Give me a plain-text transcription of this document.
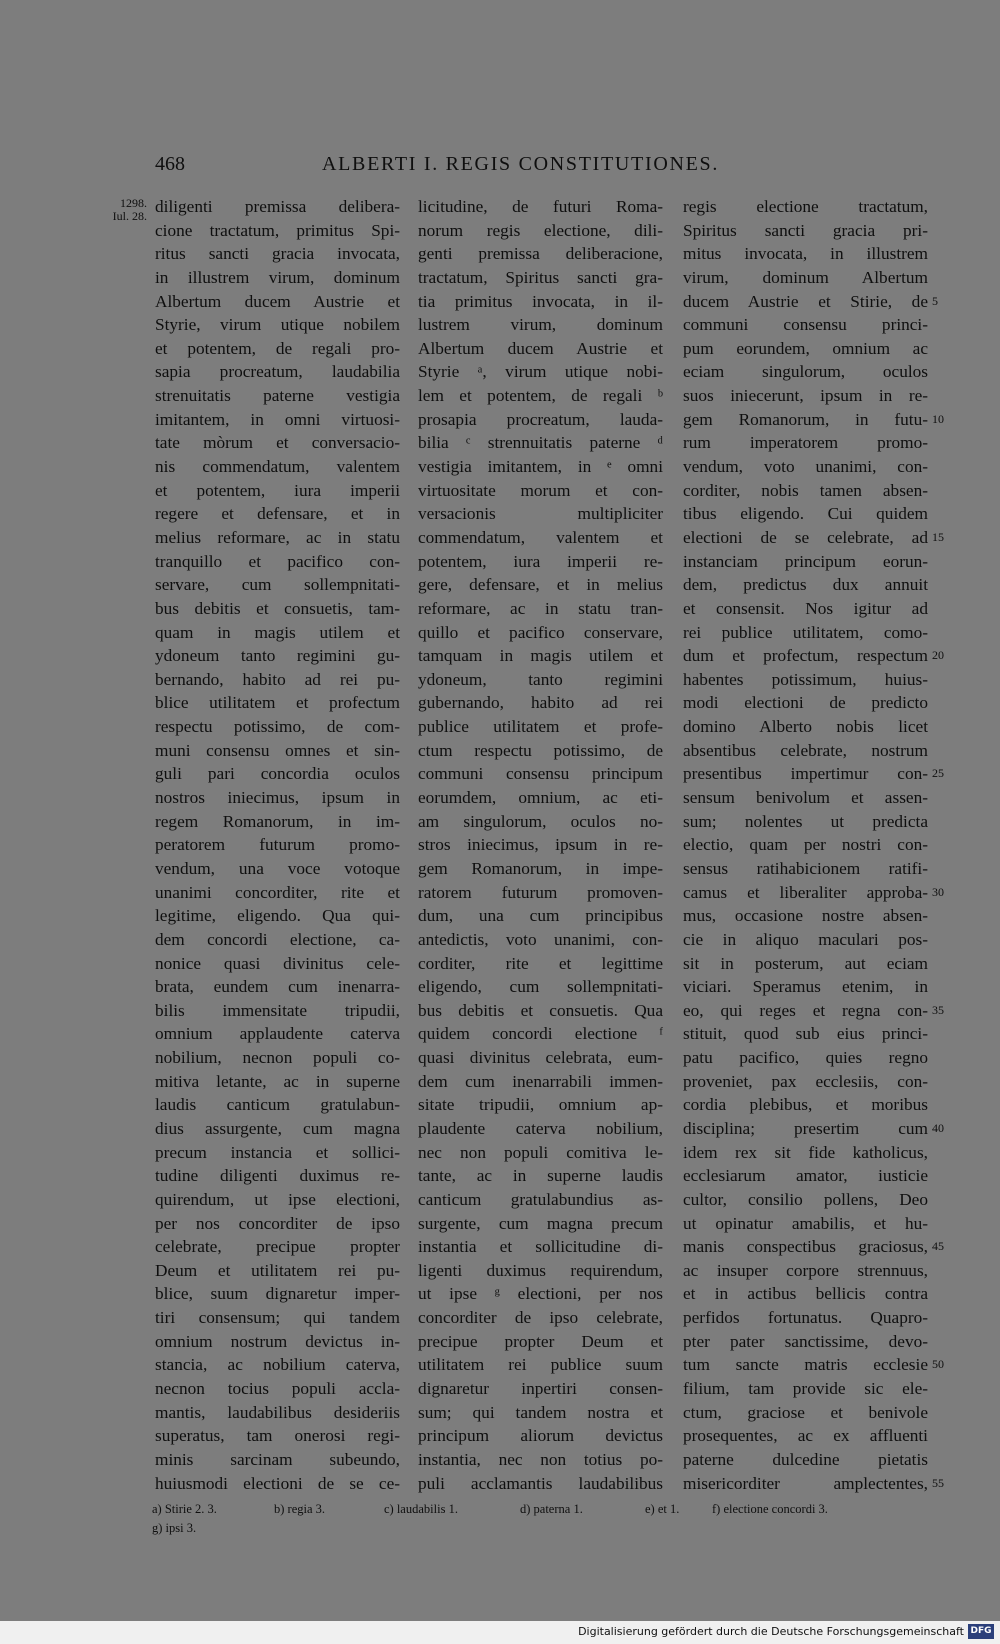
468	ALBERTI I. REGIS CONSTITUTIONES.
1298.
Iul. 28. diligenti premissa delibera-
cione tractatum, primitus Spi-
ritus sancti gracia invocata,
in illustrem virum, dominum
Albertum ducem Austrie et
Styrie, virum utique nobilem
et potentem, de regali pro-
sapia procreatum, laudabilia
strenuitatis paterne vestigia
imitantem, in omni virtuosi-
tate mòrum et conversacio-
nis commendatum, valentem
et potentem, iura imperii
regere et defensare, et in
melius reformare, ac in statu
tranquillo et pacifico con-
servare, cum sollempnitati-
bus debitis et consuetis, tam-
quam in magis utilem et
ydoneum tanto regimini gu-
bernando, habito ad rei pu-
blice utilitatem et profectum
respectu potissimo, de com-
muni consensu omnes et sin-
guli pari concordia oculos
nostros iniecimus, ipsum in
regem Romanorum, in im-
peratorem futurum promo-
vendum, una voce votoque
unanimi concorditer, rite et
legitime, eligendo. Qua qui-
dem concordi electione, ca-
nonice quasi divinitus cele-
brata, eundem cum inenarra-
bilis immensitate tripudii,
omnium applaudente caterva
nobilium, necnon populi co-
mitiva letante, ac in superne
laudis canticum gratulabun-
dius assurgente, cum magna
precum instancia et sollici-
tudine diligenti duximus re-
quirendum, ut ipse electioni,
per nos concorditer de ipso
celebrate, precipue propter
Deum et utilitatem rei pu-
blice, suum dignaretur imper-
tiri consensum; qui tandem
omnium nostrum devictus in-
stancia, ac nobilium caterva,
necnon tocius populi accla-
mantis, laudabilibus desideriis
superatus, tam onerosi regi-
minis sarcinam subeundo,
huiusmodi electioni de se ce-
licitudine, de futuri Roma-
norum regis electione, dili-
genti premissa deliberacione,
tractatum, Spiritus sancti gra-
tia primitus invocata, in il-
lustrem virum, dominum
Albertum ducem Austrie et
Styrie ᵃ, virum utique nobi-
lem et potentem, de regali ᵇ
prosapia procreatum, lauda-
bilia ᶜ strennuitatis paterne ᵈ
vestigia imitantem, in ᵉ omni
virtuositate morum et con-
versacionis multipliciter
commendatum, valentem et
potentem, iura imperii re-
gere, defensare, et in melius
reformare, ac in statu tran-
quillo et pacifico conservare,
tamquam in magis utilem et
ydoneum, tanto regimini
gubernando, habito ad rei
publice utilitatem et profe-
ctum respectu potissimo, de
communi consensu principum
eorumdem, omnium, ac eti-
am singulorum, oculos no-
stros iniecimus, ipsum in re-
gem Romanorum, in impe-
ratorem futurum promoven-
dum, una cum principibus
antedictis, voto unanimi, con-
corditer, rite et legittime
eligendo, cum sollempnitati-
bus debitis et consuetis. Qua
quidem concordi electione ᶠ
quasi divinitus celebrata, eum-
dem cum inenarrabili immen-
sitate tripudii, omnium ap-
plaudente caterva nobilium,
nec non populi comitiva le-
tante, ac in superne laudis
canticum gratulabundius as-
surgente, cum magna precum
instantia et sollicitudine di-
ligenti duximus requirendum,
ut ipse ᵍ electioni, per nos
concorditer de ipso celebrate,
precipue propter Deum et
utilitatem rei publice suum
dignaretur inpertiri consen-
sum; qui tandem nostra et
principum aliorum devictus
instantia, nec non totius po-
puli acclamantis laudabilibus
regis electione tractatum,
Spiritus sancti gracia pri-
mitus invocata, in illustrem
virum, dominum Albertum
ducem Austrie et Stirie, de
communi consensu princi-
pum eorundem, omnium ac
eciam singulorum, oculos
suos iniecerunt, ipsum in re-
gem Romanorum, in futu-
rum imperatorem promo-
vendum, voto unanimi, con-
corditer, nobis tamen absen-
tibus eligendo. Cui quidem
electioni de se celebrate, ad
instanciam principum eorun-
dem, predictus dux annuit
et consensit. Nos igitur ad
rei publice utilitatem, como-
dum et profectum, respectum
habentes potissimum, huius-
modi electioni de predicto
domino Alberto nobis licet
absentibus celebrate, nostrum
presentibus impertimur con-
sensum benivolum et assen-
sum; nolentes ut predicta
electio, quam per nostri con-
sensus ratihabicionem ratifi-
camus et liberaliter approba-
mus, occasione nostre absen-
cie in aliquo maculari pos-
sit in posterum, aut eciam
viciari. Speramus etenim, in
eo, qui reges et regna con-
stituit, quod sub eius princi-
patu pacifico, quies regno
proveniet, pax ecclesiis, con-
cordia plebibus, et moribus
disciplina; presertim cum
idem rex sit fide katholicus,
ecclesiarum amator, iusticie
cultor, consilio pollens, Deo
ut opinatur amabilis, et hu-
manis conspectibus graciosus,
ac insuper corpore strennuus,
et in actibus bellicis contra
perfidos fortunatus. Quapro-
pter pater sanctissime, devo-
tum sancte matris ecclesie
filium, tam provide sic ele-
ctum, graciose et benivole
prosequentes, ac ex affluenti
paterne dulcedine pietatis
misericorditer amplectentes,
5
10
15
20
25
30
35
40
45
50
55
a) Stirie 2. 3.	b) regia 3.	c) laudabilis 1.	d) paterna 1.	e) et 1.	f) electione concordi 3.
g) ipsi 3.
Digitalisierung gefördert durch die Deutsche Forschungsgemeinschaft DFG
